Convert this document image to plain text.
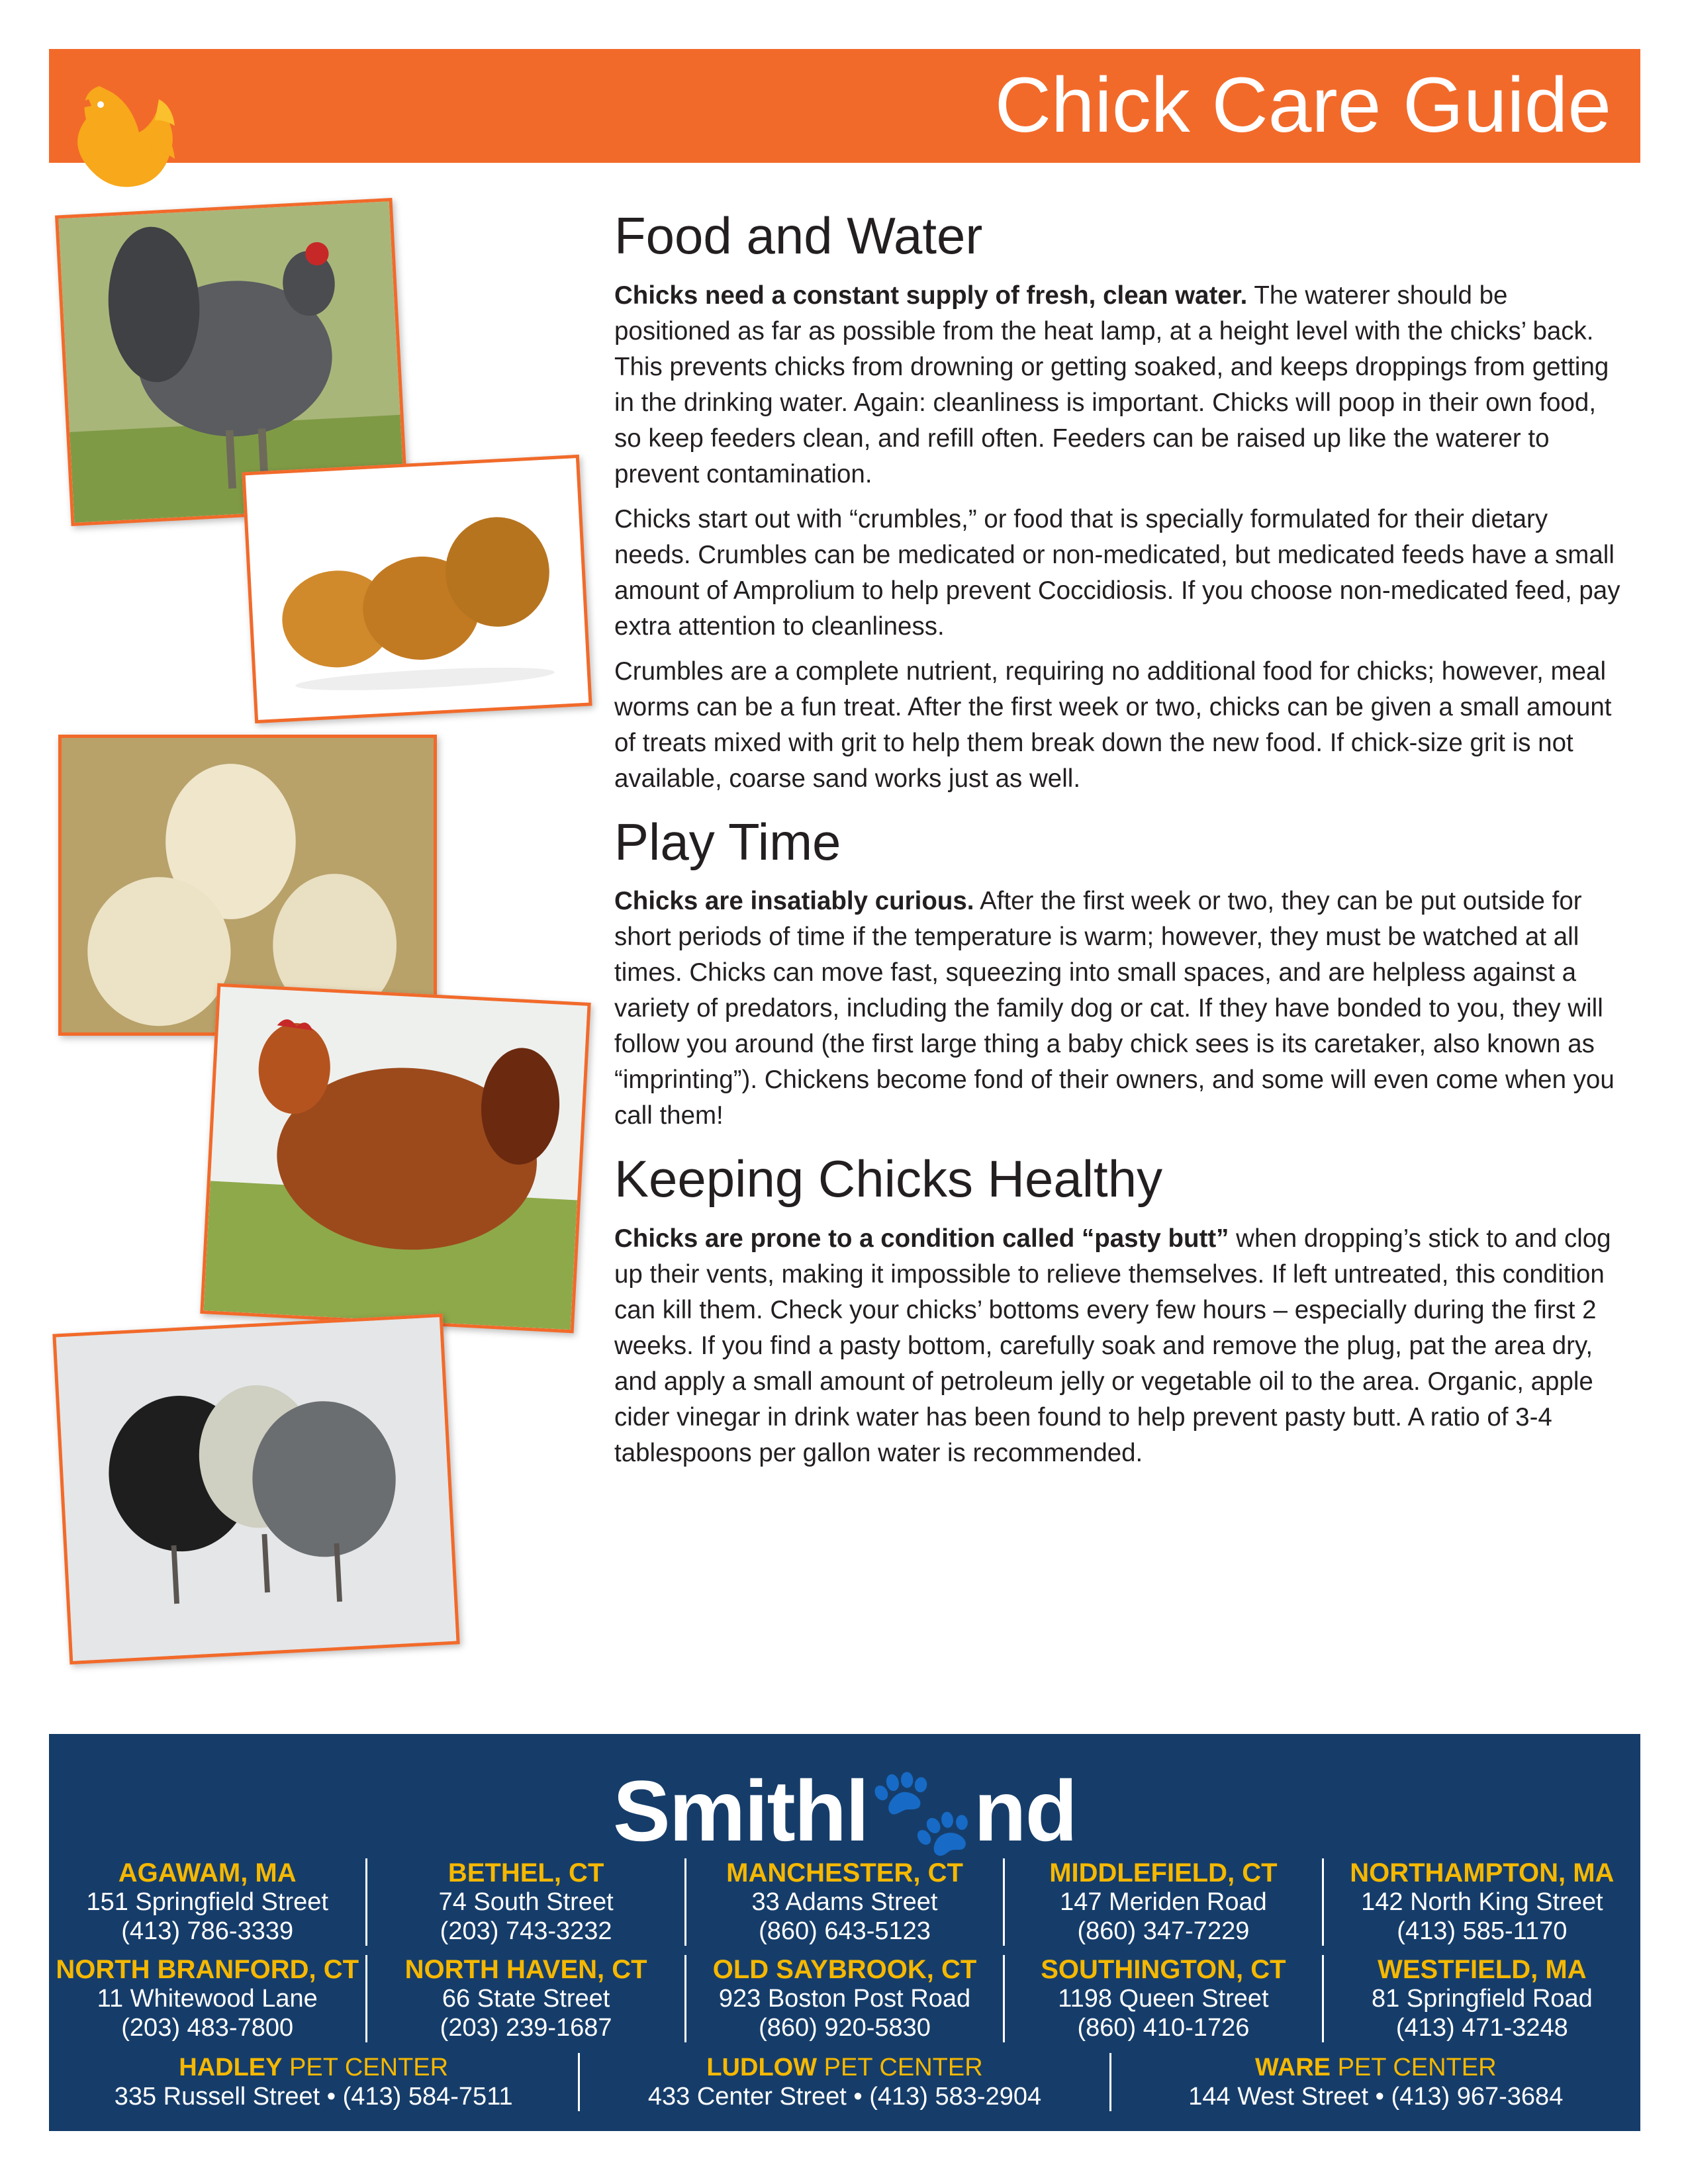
Chick Care Guide
Food and Water

Chicks need a constant supply of fresh, clean water. The waterer should be positioned as far as possible from the heat lamp, at a height level with the chicks’ back. This prevents chicks from drowning or getting soaked, and keeps droppings from getting in the drinking water. Again: cleanliness is important. Chicks will poop in their own food, so keep feeders clean, and refill often. Feeders can be raised up like the waterer to prevent contamination.

Chicks start out with “crumbles,” or food that is specially formulated for their dietary needs. Crumbles can be medicated or non-medicated, but medicated feeds have a small amount of Amprolium to help prevent Coccidiosis. If you choose non-medicated feed, pay extra attention to cleanliness.

Crumbles are a complete nutrient, requiring no additional food for chicks; however, meal worms can be a fun treat. After the first week or two, chicks can be given a small amount of treats mixed with grit to help them break down the new food. If chick-size grit is not available, coarse sand works just as well.

Play Time

Chicks are insatiably curious. After the first week or two, they can be put outside for short periods of time if the temperature is warm; however, they must be watched at all times. Chicks can move fast, squeezing into small spaces, and are helpless against a variety of predators, including the family dog or cat. If they have bonded to you, they will follow you around (the first large thing a baby chick sees is its caretaker, also known as “imprinting”). Chickens become fond of their owners, and some will even come when you call them!

Keeping Chicks Healthy

Chicks are prone to a condition called “pasty butt” when dropping’s stick to and clog up their vents, making it impossible to relieve themselves. If left untreated, this condition can kill them. Check your chicks’ bottoms every few hours – especially during the first 2 weeks. If you find a pasty bottom, carefully soak and remove the plug, pat the area dry, and apply a small amount of petroleum jelly or vegetable oil to the area. Organic, apple cider vinegar in drink water has been found to help prevent pasty butt. A ratio of 3-4 tablespoons per gallon water is recommended.

Smithl🐾nd
AGAWAM, MA
151 Springfield Street
(413) 786-3339
BETHEL, CT
74 South Street
(203) 743-3232
MANCHESTER, CT
33 Adams Street
(860) 643-5123
MIDDLEFIELD, CT
147 Meriden Road
(860) 347-7229
NORTHAMPTON, MA
142 North King Street
(413) 585-1170
NORTH BRANFORD, CT
11 Whitewood Lane
(203) 483-7800
NORTH HAVEN, CT
66 State Street
(203) 239-1687
OLD SAYBROOK, CT
923 Boston Post Road
(860) 920-5830
SOUTHINGTON, CT
1198 Queen Street
(860) 410-1726
WESTFIELD, MA
81 Springfield Road
(413) 471-3248
HADLEY PET CENTER
335 Russell Street • (413) 584-7511
LUDLOW PET CENTER
433 Center Street • (413) 583-2904
WARE PET CENTER
144 West Street • (413) 967-3684
